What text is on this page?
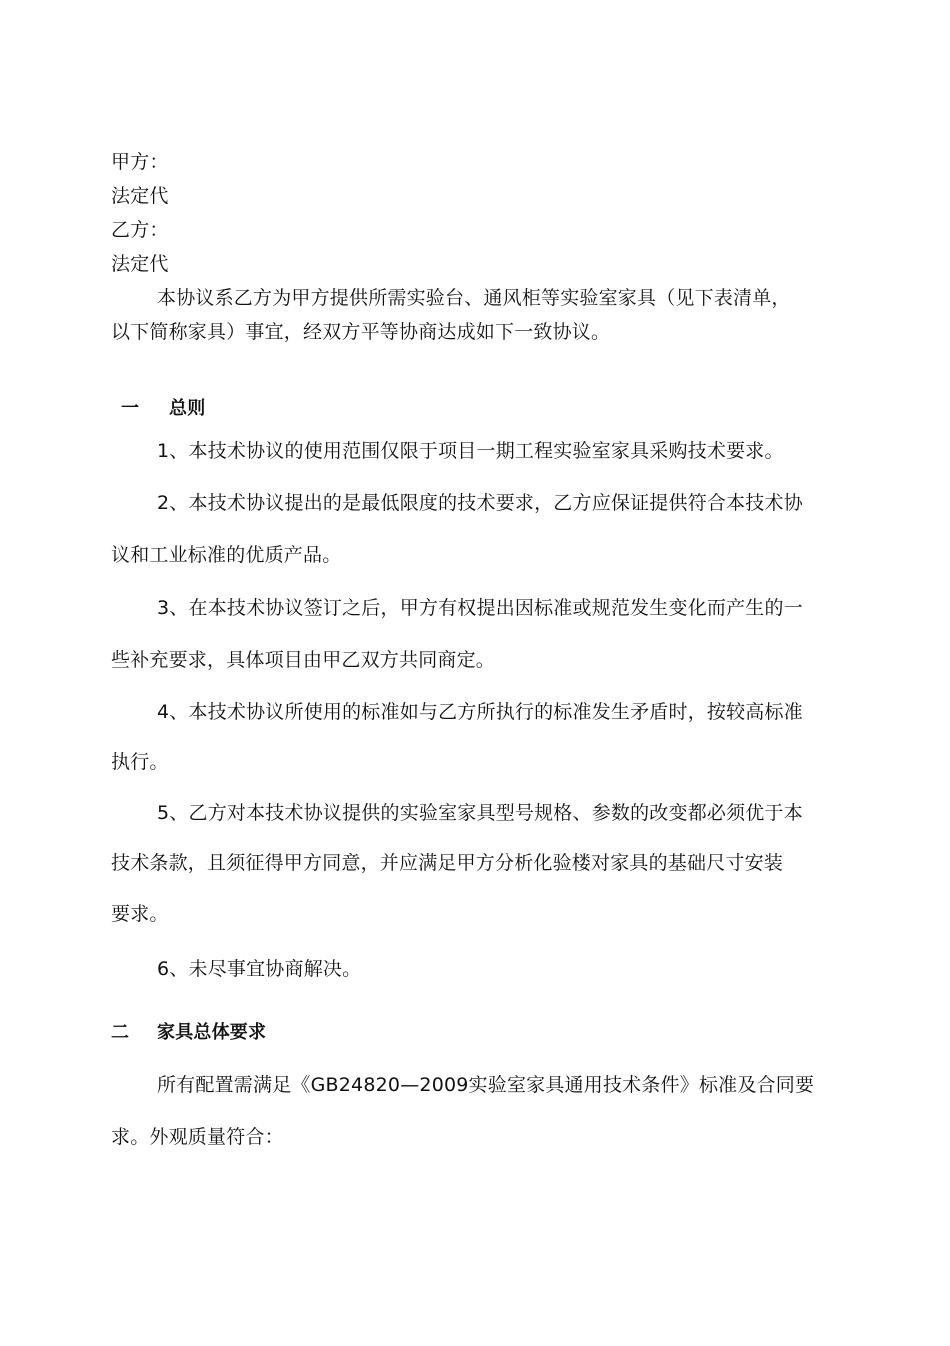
甲方：
法定代
乙方：
法定代
本协议系乙方为甲方提供所需实验台、通风柜等实验室家具（见下表清单，
以下简称家具）事宜，经双方平等协商达成如下一致协议。
一 总则
1、本技术协议的使用范围仅限于项目一期工程实验室家具采购技术要求。
2、本技术协议提出的是最低限度的技术要求，乙方应保证提供符合本技术协
议和工业标准的优质产品。
3、在本技术协议签订之后，甲方有权提出因标准或规范发生变化而产生的一
些补充要求，具体项目由甲乙双方共同商定。
4、本技术协议所使用的标准如与乙方所执行的标准发生矛盾时，按较高标准
执行。
5、乙方对本技术协议提供的实验室家具型号规格、参数的改变都必须优于本
技术条款，且须征得甲方同意，并应满足甲方分析化验楼对家具的基础尺寸安装
要求。
6、未尽事宜协商解决。
二 家具总体要求
所有配置需满足《GB24820—2009实验室家具通用技术条件》标准及合同要
求。外观质量符合：
